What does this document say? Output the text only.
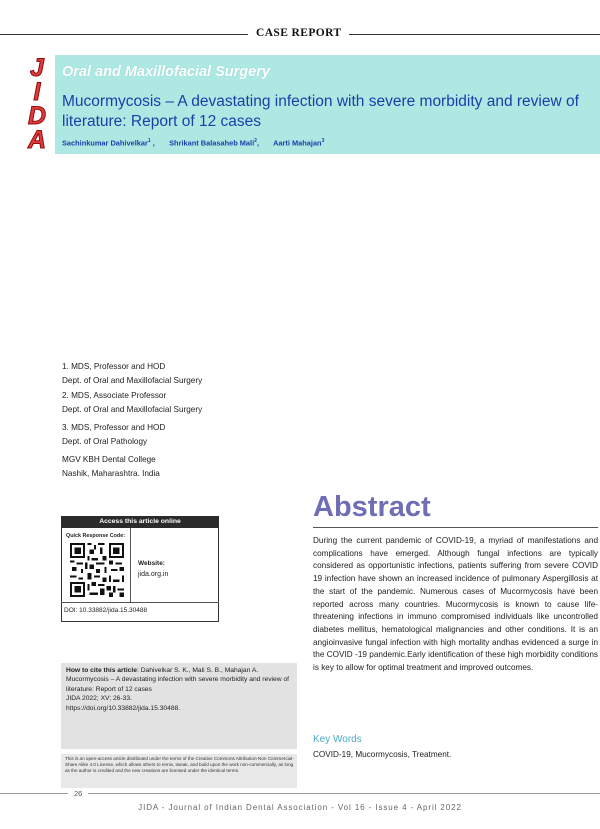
CASE REPORT
J
I
D
A
Oral and Maxillofacial Surgery
Mucormycosis – A devastating infection with severe morbidity and review of literature: Report of 12 cases
Sachinkumar Dahivelkar$^1$ , Shrikant Balasaheb Mali$^2$, Aarti Mahajan$^3$
1. MDS, Professor and HOD
Dept. of Oral and Maxillofacial Surgery
2. MDS, Associate Professor
Dept. of Oral and Maxillofacial Surgery
3. MDS, Professor and HOD
Dept. of Oral Pathology
MGV KBH Dental College
Nashik, Maharashtra. India
Access this article online
Quick Response Code:
Website:
jida.org.in
DOI: 10.33882/jida.15.30488
How to cite this article: Dahivelkar S. K., Mali S. B., Mahajan A. Mucormycosis – A devastating infection with severe morbidity and review of literature: Report of 12 cases
JIDA 2022; XV; 26-33.
https://doi.org/10.33882/jida.15.30488.
This is an open-access article distributed under the terms of the Creative Commons Attribution-Non Commercial-Share Alike 4.0 License, which allows others to remix, tweak, and build upon the work non-commercially, as long as the author is credited and the new creations are licensed under the identical terms.
Abstract
During the current pandemic of COVID-19, a myriad of manifestations and complications have emerged. Although fungal infections are typically considered as opportunistic infections, patients suffering from severe COVID 19 infection have shown an increased incidence of pulmonary Aspergillosis at the start of the pandemic. Numerous cases of Mucormycosis have been reported across many countries. Mucormycosis is known to cause life-threatening infections in immuno compromised individuals like uncontrolled diabetes mellitus, hematological malignancies and other conditions. It is an angioinvasive fungal infection with high mortality andhas evidenced a surge in the COVID -19 pandemic.Early identification of these high morbidity conditions is key to allow for optimal treatment and improved outcomes.
Key Words
COVID-19, Mucormycosis, Treatment.
26
JIDA - Journal of Indian Dental Association - Vol 16 - Issue 4 - April 2022
